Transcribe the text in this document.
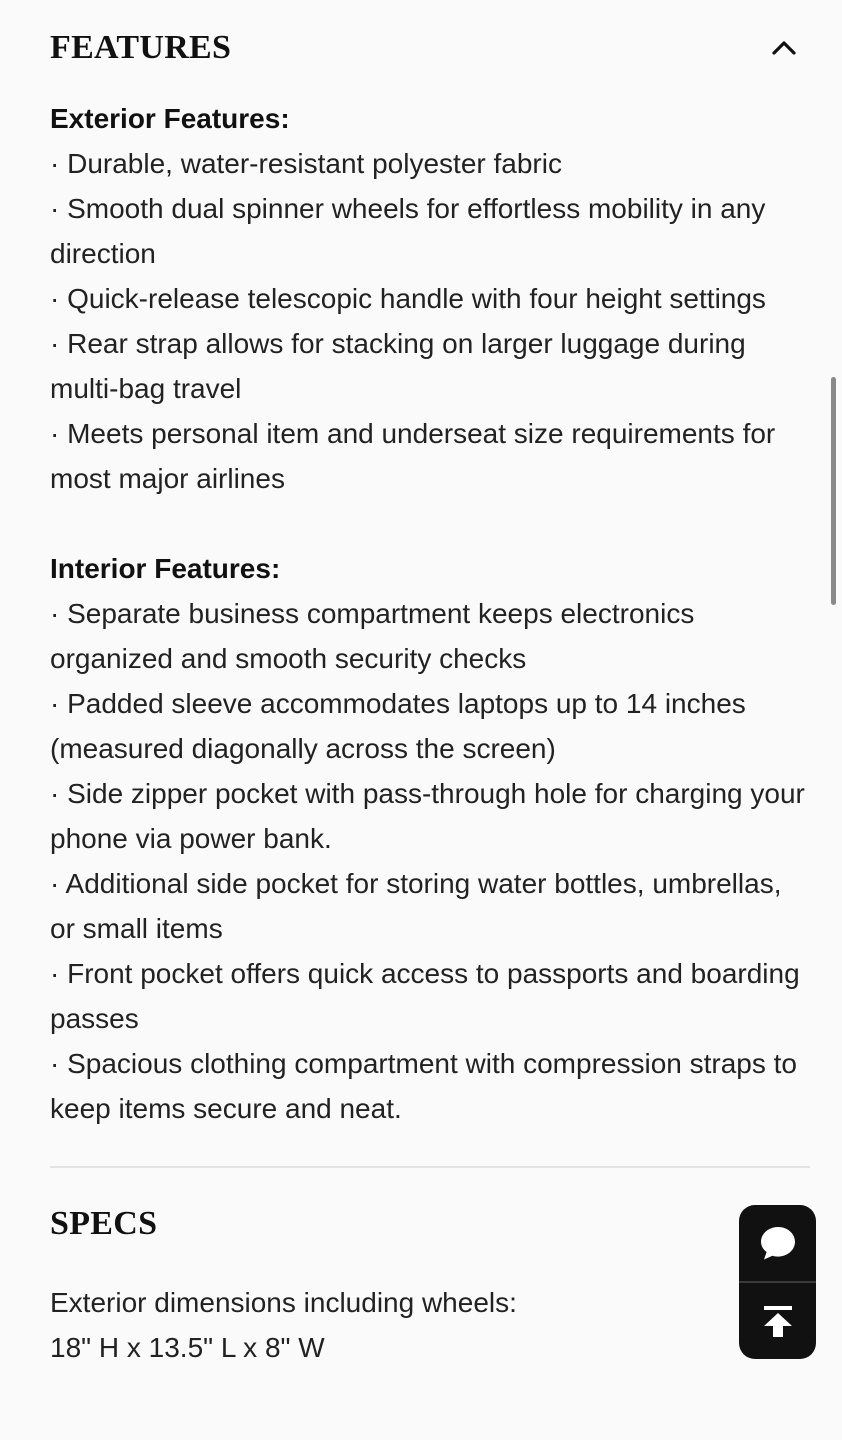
FEATURES
Exterior Features:
· Durable, water-resistant polyester fabric
· Smooth dual spinner wheels for effortless mobility in any direction
· Quick-release telescopic handle with four height settings
· Rear strap allows for stacking on larger luggage during multi-bag travel
· Meets personal item and underseat size requirements for most major airlines
Interior Features:
· Separate business compartment keeps electronics organized and smooth security checks
· Padded sleeve accommodates laptops up to 14 inches (measured diagonally across the screen)
· Side zipper pocket with pass-through hole for charging your phone via power bank.
· Additional side pocket for storing water bottles, umbrellas, or small items
· Front pocket offers quick access to passports and boarding passes
· Spacious clothing compartment with compression straps to keep items secure and neat.
SPECS
Exterior dimensions including wheels:
18" H x 13.5" L x 8" W
